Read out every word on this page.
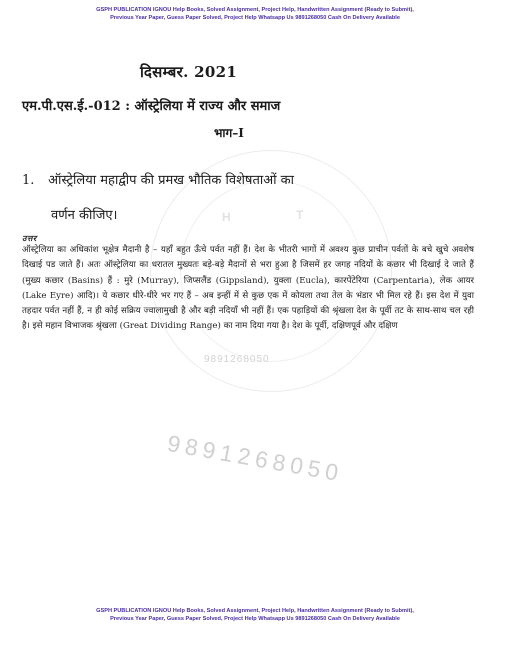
GSPH PUBLICATION IGNOU Help Books, Solved Assignment, Project Help, Handwritten Assignment (Ready to Submit),
Previous Year Paper, Guess Paper Solved, Project Help Whatsapp Us 9891268050 Cash On Delivery Available
H	T
दिसम्बर. 2021
एम.पी.एस.ई.-012 : ऑस्ट्रेलिया में राज्य और समाज
भाग–I
1. ऑस्ट्रेलिया महाद्वीप की प्रमख भौतिक विशेषताओं का
वर्णन कीजिए।
उत्तर

ऑस्ट्रेलिया का अधिकांश भूक्षेत्र मैदानी है – यहाँ बहुत ऊँचे पर्वत नहीं हैं। देश के भीतरी भागों में अवश्य कुछ प्राचीन पर्वतों के बचे खुचे अवशेष दिखाई पड जाते हैं। अतः ऑस्ट्रेलिया का धरातल मुख्यतः बड़े-बड़े मैदानों से भरा हुआ है जिसमें हर जगह नदियों के कछार भी दिखाई दे जाते हैं (मुख्य कछार (Basins) हैं : मुरे (Murray), जिप्सलैंड (Gippsland), युक्ला (Eucla), कारपेंटेरिया (Carpentaria), लेक आयर (Lake Eyre) आदि)। ये कछार धीरे-धीरे भर गए हैं – अब इन्हीं में से कुछ एक में कोयला तथा तेल के भंडार भी मिल रहे हैं। इस देश में युवा तहदार पर्वत नहीं हैं, न ही कोई सक्रिय ज्वालामुखी है और बड़ी नदियाँ भी नहीं हैं। एक पहाड़ियों की श्रृंखला देश के पूर्वी तट के साथ-साथ चल रही है। इसे महान विभाजक श्रृंखला (Great Dividing Range) का नाम दिया गया है। देश के पूर्वी, दक्षिणपूर्व और दक्षिण

9891268050
9891268050
GSPH PUBLICATION IGNOU Help Books, Solved Assignment, Project Help, Handwritten Assignment (Ready to Submit),
Previous Year Paper, Guess Paper Solved, Project Help Whatsapp Us 9891268050 Cash On Delivery Available
